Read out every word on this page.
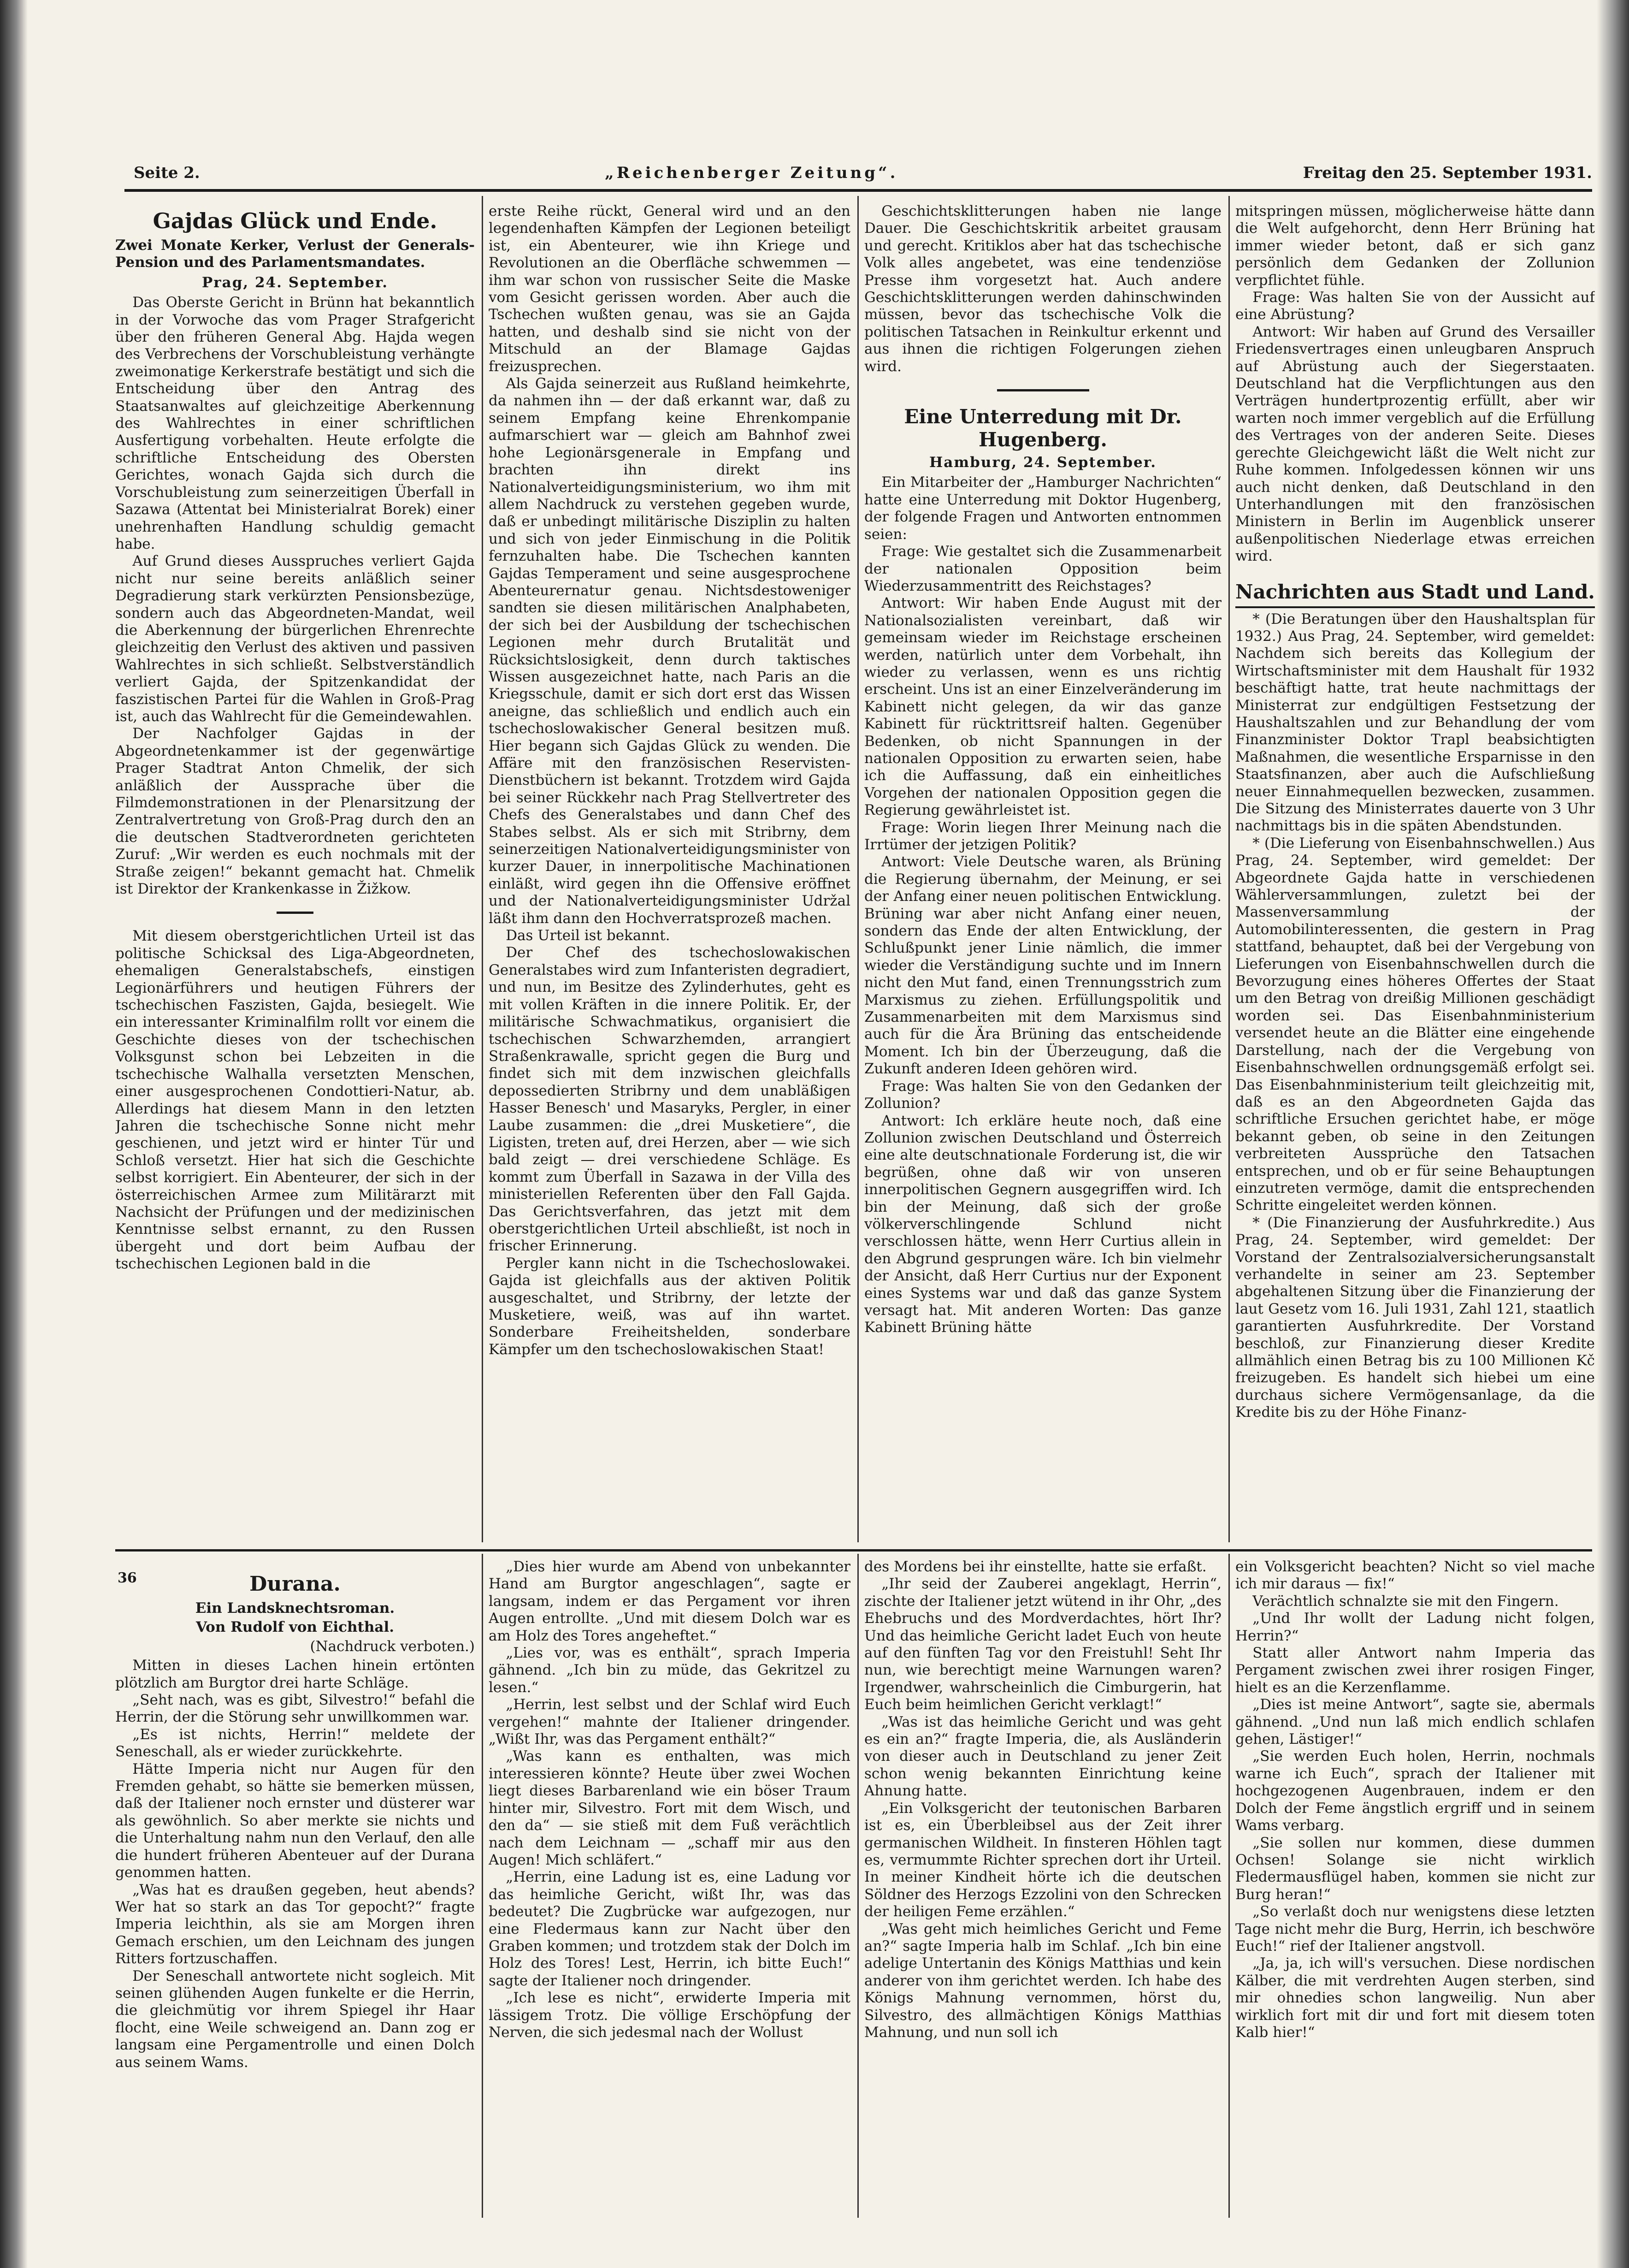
Seite 2.	„Reichenberger Zeitung“.	Freitag den 25. September 1931.
Gajdas Glück und Ende.

Zwei Monate Kerker, Verlust der Generals-Pension und des Parlamentsmandates.

Prag, 24. September.

Das Oberste Gericht in Brünn hat bekanntlich in der Vorwoche das vom Prager Strafgericht über den früheren General Abg. Hajda wegen des Verbrechens der Vorschubleistung verhängte zweimonatige Kerkerstrafe bestätigt und sich die Entscheidung über den Antrag des Staatsanwaltes auf gleichzeitige Aberkennung des Wahlrechtes in einer schriftlichen Ausfertigung vorbehalten. Heute erfolgte die schriftliche Entscheidung des Obersten Gerichtes, wonach Gajda sich durch die Vorschubleistung zum seinerzeitigen Überfall in Sazawa (Attentat bei Ministerialrat Borek) einer unehrenhaften Handlung schuldig gemacht habe.

Auf Grund dieses Ausspruches verliert Gajda nicht nur seine bereits anläßlich seiner Degradierung stark verkürzten Pensionsbezüge, sondern auch das Abgeordneten-Mandat, weil die Aberkennung der bürgerlichen Ehrenrechte gleichzeitig den Verlust des aktiven und passiven Wahlrechtes in sich schließt. Selbstverständlich verliert Gajda, der Spitzenkandidat der faszistischen Partei für die Wahlen in Groß-Prag ist, auch das Wahlrecht für die Gemeindewahlen.

Der Nachfolger Gajdas in der Abgeordnetenkammer ist der gegenwärtige Prager Stadtrat Anton Chmelik, der sich anläßlich der Aussprache über die Filmdemonstrationen in der Plenarsitzung der Zentralvertretung von Groß-Prag durch den an die deutschen Stadtverordneten gerichteten Zuruf: „Wir werden es euch nochmals mit der Straße zeigen!“ bekannt gemacht hat. Chmelik ist Direktor der Krankenkasse in Žižkow.

Mit diesem oberstgerichtlichen Urteil ist das politische Schicksal des Liga-Abgeordneten, ehemaligen Generalstabschefs, einstigen Legionärführers und heutigen Führers der tschechischen Faszisten, Gajda, besiegelt. Wie ein interessanter Kriminalfilm rollt vor einem die Geschichte dieses von der tschechischen Volksgunst schon bei Lebzeiten in die tschechische Walhalla versetzten Menschen, einer ausgesprochenen Condottieri-Natur, ab. Allerdings hat diesem Mann in den letzten Jahren die tschechische Sonne nicht mehr geschienen, und jetzt wird er hinter Tür und Schloß versetzt. Hier hat sich die Geschichte selbst korrigiert. Ein Abenteurer, der sich in der österreichischen Armee zum Militärarzt mit Nachsicht der Prüfungen und der medizinischen Kenntnisse selbst ernannt, zu den Russen übergeht und dort beim Aufbau der tschechischen Legionen bald in die

erste Reihe rückt, General wird und an den legendenhaften Kämpfen der Legionen beteiligt ist, ein Abenteurer, wie ihn Kriege und Revolutionen an die Oberfläche schwemmen — ihm war schon von russischer Seite die Maske vom Gesicht gerissen worden. Aber auch die Tschechen wußten genau, was sie an Gajda hatten, und deshalb sind sie nicht von der Mitschuld an der Blamage Gajdas freizusprechen.

Als Gajda seinerzeit aus Rußland heimkehrte, da nahmen ihn — der daß erkannt war, daß zu seinem Empfang keine Ehrenkompanie aufmarschiert war — gleich am Bahnhof zwei hohe Legionärsgenerale in Empfang und brachten ihn direkt ins Nationalverteidigungsministerium, wo ihm mit allem Nachdruck zu verstehen gegeben wurde, daß er unbedingt militärische Disziplin zu halten und sich von jeder Einmischung in die Politik fernzuhalten habe. Die Tschechen kannten Gajdas Temperament und seine ausgesprochene Abenteurernatur genau. Nichtsdestoweniger sandten sie diesen militärischen Analphabeten, der sich bei der Ausbildung der tschechischen Legionen mehr durch Brutalität und Rücksichtslosigkeit, denn durch taktisches Wissen ausgezeichnet hatte, nach Paris an die Kriegsschule, damit er sich dort erst das Wissen aneigne, das schließlich und endlich auch ein tschechoslowakischer General besitzen muß. Hier begann sich Gajdas Glück zu wenden. Die Affäre mit den französischen Reservisten-Dienstbüchern ist bekannt. Trotzdem wird Gajda bei seiner Rückkehr nach Prag Stellvertreter des Chefs des Generalstabes und dann Chef des Stabes selbst. Als er sich mit Stribrny, dem seinerzeitigen Nationalverteidigungsminister von kurzer Dauer, in innerpolitische Machinationen einläßt, wird gegen ihn die Offensive eröffnet und der Nationalverteidigungsminister Udržal läßt ihm dann den Hochverratsprozeß machen.

Das Urteil ist bekannt.

Der Chef des tschechoslowakischen Generalstabes wird zum Infanteristen degradiert, und nun, im Besitze des Zylinderhutes, geht es mit vollen Kräften in die innere Politik. Er, der militärische Schwachmatikus, organisiert die tschechischen Schwarzhemden, arrangiert Straßenkrawalle, spricht gegen die Burg und findet sich mit dem inzwischen gleichfalls depossedierten Stribrny und dem unabläßigen Hasser Benesch' und Masaryks, Pergler, in einer Laube zusammen: die „drei Musketiere“, die Ligisten, treten auf, drei Herzen, aber — wie sich bald zeigt — drei verschiedene Schläge. Es kommt zum Überfall in Sazawa in der Villa des ministeriellen Referenten über den Fall Gajda. Das Gerichtsverfahren, das jetzt mit dem oberstgerichtlichen Urteil abschließt, ist noch in frischer Erinnerung.

Pergler kann nicht in die Tschechoslowakei. Gajda ist gleichfalls aus der aktiven Politik ausgeschaltet, und Stribrny, der letzte der Musketiere, weiß, was auf ihn wartet. Sonderbare Freiheitshelden, sonderbare Kämpfer um den tschechoslowakischen Staat!

Geschichtsklitterungen haben nie lange Dauer. Die Geschichtskritik arbeitet grausam und gerecht. Kritiklos aber hat das tschechische Volk alles angebetet, was eine tendenziöse Presse ihm vorgesetzt hat. Auch andere Geschichtsklitterungen werden dahinschwinden müssen, bevor das tschechische Volk die politischen Tatsachen in Reinkultur erkennt und aus ihnen die richtigen Folgerungen ziehen wird.

Eine Unterredung mit Dr. Hugenberg.

Hamburg, 24. September.

Ein Mitarbeiter der „Hamburger Nachrichten“ hatte eine Unterredung mit Doktor Hugenberg, der folgende Fragen und Antworten entnommen seien:

Frage: Wie gestaltet sich die Zusammenarbeit der nationalen Opposition beim Wiederzusammentritt des Reichstages?

Antwort: Wir haben Ende August mit der Nationalsozialisten vereinbart, daß wir gemeinsam wieder im Reichstage erscheinen werden, natürlich unter dem Vorbehalt, ihn wieder zu verlassen, wenn es uns richtig erscheint. Uns ist an einer Einzelveränderung im Kabinett nicht gelegen, da wir das ganze Kabinett für rücktrittsreif halten. Gegenüber Bedenken, ob nicht Spannungen in der nationalen Opposition zu erwarten seien, habe ich die Auffassung, daß ein einheitliches Vorgehen der nationalen Opposition gegen die Regierung gewährleistet ist.

Frage: Worin liegen Ihrer Meinung nach die Irrtümer der jetzigen Politik?

Antwort: Viele Deutsche waren, als Brüning die Regierung übernahm, der Meinung, er sei der Anfang einer neuen politischen Entwicklung. Brüning war aber nicht Anfang einer neuen, sondern das Ende der alten Entwicklung, der Schlußpunkt jener Linie nämlich, die immer wieder die Verständigung suchte und im Innern nicht den Mut fand, einen Trennungsstrich zum Marxismus zu ziehen. Erfüllungspolitik und Zusammenarbeiten mit dem Marxismus sind auch für die Ära Brüning das entscheidende Moment. Ich bin der Überzeugung, daß die Zukunft anderen Ideen gehören wird.

Frage: Was halten Sie von den Gedanken der Zollunion?

Antwort: Ich erkläre heute noch, daß eine Zollunion zwischen Deutschland und Österreich eine alte deutschnationale Forderung ist, die wir begrüßen, ohne daß wir von unseren innerpolitischen Gegnern ausgegriffen wird. Ich bin der Meinung, daß sich der große völkerverschlingende Schlund nicht verschlossen hätte, wenn Herr Curtius allein in den Abgrund gesprungen wäre. Ich bin vielmehr der Ansicht, daß Herr Curtius nur der Exponent eines Systems war und daß das ganze System versagt hat. Mit anderen Worten: Das ganze Kabinett Brüning hätte

mitspringen müssen, möglicherweise hätte dann die Welt aufgehorcht, denn Herr Brüning hat immer wieder betont, daß er sich ganz persönlich dem Gedanken der Zollunion verpflichtet fühle.

Frage: Was halten Sie von der Aussicht auf eine Abrüstung?

Antwort: Wir haben auf Grund des Versailler Friedensvertrages einen unleugbaren Anspruch auf Abrüstung auch der Siegerstaaten. Deutschland hat die Verpflichtungen aus den Verträgen hundertprozentig erfüllt, aber wir warten noch immer vergeblich auf die Erfüllung des Vertrages von der anderen Seite. Dieses gerechte Gleichgewicht läßt die Welt nicht zur Ruhe kommen. Infolgedessen können wir uns auch nicht denken, daß Deutschland in den Unterhandlungen mit den französischen Ministern in Berlin im Augenblick unserer außenpolitischen Niederlage etwas erreichen wird.

Nachrichten aus Stadt und Land.

* (Die Beratungen über den Haushaltsplan für 1932.) Aus Prag, 24. September, wird gemeldet: Nachdem sich bereits das Kollegium der Wirtschaftsminister mit dem Haushalt für 1932 beschäftigt hatte, trat heute nachmittags der Ministerrat zur endgültigen Festsetzung der Haushaltszahlen und zur Behandlung der vom Finanzminister Doktor Trapl beabsichtigten Maßnahmen, die wesentliche Ersparnisse in den Staatsfinanzen, aber auch die Aufschließung neuer Einnahmequellen bezwecken, zusammen. Die Sitzung des Ministerrates dauerte von 3 Uhr nachmittags bis in die späten Abendstunden.

* (Die Lieferung von Eisenbahnschwellen.) Aus Prag, 24. September, wird gemeldet: Der Abgeordnete Gajda hatte in verschiedenen Wählerversammlungen, zuletzt bei der Massenversammlung der Automobilinteressenten, die gestern in Prag stattfand, behauptet, daß bei der Vergebung von Lieferungen von Eisenbahnschwellen durch die Bevorzugung eines höheres Offertes der Staat um den Betrag von dreißig Millionen geschädigt worden sei. Das Eisenbahnministerium versendet heute an die Blätter eine eingehende Darstellung, nach der die Vergebung von Eisenbahnschwellen ordnungsgemäß erfolgt sei. Das Eisenbahnministerium teilt gleichzeitig mit, daß es an den Abgeordneten Gajda das schriftliche Ersuchen gerichtet habe, er möge bekannt geben, ob seine in den Zeitungen verbreiteten Aussprüche den Tatsachen entsprechen, und ob er für seine Behauptungen einzutreten vermöge, damit die entsprechenden Schritte eingeleitet werden können.

* (Die Finanzierung der Ausfuhrkredite.) Aus Prag, 24. September, wird gemeldet: Der Vorstand der Zentralsozialversicherungsanstalt verhandelte in seiner am 23. September abgehaltenen Sitzung über die Finanzierung der laut Gesetz vom 16. Juli 1931, Zahl 121, staatlich garantierten Ausfuhrkredite. Der Vorstand beschloß, zur Finanzierung dieser Kredite allmählich einen Betrag bis zu 100 Millionen Kč freizugeben. Es handelt sich hiebei um eine durchaus sichere Vermögensanlage, da die Kredite bis zu der Höhe Finanz-

36	Durana.

Ein Landsknechtsroman.

Von Rudolf von Eichthal.

(Nachdruck verboten.)

Mitten in dieses Lachen hinein ertönten plötzlich am Burgtor drei harte Schläge.

„Seht nach, was es gibt, Silvestro!“ befahl die Herrin, der die Störung sehr unwillkommen war.

„Es ist nichts, Herrin!“ meldete der Seneschall, als er wieder zurückkehrte.

Hätte Imperia nicht nur Augen für den Fremden gehabt, so hätte sie bemerken müssen, daß der Italiener noch ernster und düsterer war als gewöhnlich. So aber merkte sie nichts und die Unterhaltung nahm nun den Verlauf, den alle die hundert früheren Abenteuer auf der Durana genommen hatten.

„Was hat es draußen gegeben, heut abends? Wer hat so stark an das Tor gepocht?“ fragte Imperia leichthin, als sie am Morgen ihren Gemach erschien, um den Leichnam des jungen Ritters fortzuschaffen.

Der Seneschall antwortete nicht sogleich. Mit seinen glühenden Augen funkelte er die Herrin, die gleichmütig vor ihrem Spiegel ihr Haar flocht, eine Weile schweigend an. Dann zog er langsam eine Pergamentrolle und einen Dolch aus seinem Wams.

„Dies hier wurde am Abend von unbekannter Hand am Burgtor angeschlagen“, sagte er langsam, indem er das Pergament vor ihren Augen entrollte. „Und mit diesem Dolch war es am Holz des Tores angeheftet.“

„Lies vor, was es enthält“, sprach Imperia gähnend. „Ich bin zu müde, das Gekritzel zu lesen.“

„Herrin, lest selbst und der Schlaf wird Euch vergehen!“ mahnte der Italiener dringender. „Wißt Ihr, was das Pergament enthält?“

„Was kann es enthalten, was mich interessieren könnte? Heute über zwei Wochen liegt dieses Barbarenland wie ein böser Traum hinter mir, Silvestro. Fort mit dem Wisch, und den da“ — sie stieß mit dem Fuß verächtlich nach dem Leichnam — „schaff mir aus den Augen! Mich schläfert.“

„Herrin, eine Ladung ist es, eine Ladung vor das heimliche Gericht, wißt Ihr, was das bedeutet? Die Zugbrücke war aufgezogen, nur eine Fledermaus kann zur Nacht über den Graben kommen; und trotzdem stak der Dolch im Holz des Tores! Lest, Herrin, ich bitte Euch!“ sagte der Italiener noch dringender.

„Ich lese es nicht“, erwiderte Imperia mit lässigem Trotz. Die völlige Erschöpfung der Nerven, die sich jedesmal nach der Wollust

des Mordens bei ihr einstellte, hatte sie erfaßt.

„Ihr seid der Zauberei angeklagt, Herrin“, zischte der Italiener jetzt wütend in ihr Ohr, „des Ehebruchs und des Mordverdachtes, hört Ihr? Und das heimliche Gericht ladet Euch von heute auf den fünften Tag vor den Freistuhl! Seht Ihr nun, wie berechtigt meine Warnungen waren? Irgendwer, wahrscheinlich die Cimburgerin, hat Euch beim heimlichen Gericht verklagt!“

„Was ist das heimliche Gericht und was geht es ein an?“ fragte Imperia, die, als Ausländerin von dieser auch in Deutschland zu jener Zeit schon wenig bekannten Einrichtung keine Ahnung hatte.

„Ein Volksgericht der teutonischen Barbaren ist es, ein Überbleibsel aus der Zeit ihrer germanischen Wildheit. In finsteren Höhlen tagt es, vermummte Richter sprechen dort ihr Urteil. In meiner Kindheit hörte ich die deutschen Söldner des Herzogs Ezzolini von den Schrecken der heiligen Feme erzählen.“

„Was geht mich heimliches Gericht und Feme an?“ sagte Imperia halb im Schlaf. „Ich bin eine adelige Untertanin des Königs Matthias und kein anderer von ihm gerichtet werden. Ich habe des Königs Mahnung vernommen, hörst du, Silvestro, des allmächtigen Königs Matthias Mahnung, und nun soll ich

ein Volksgericht beachten? Nicht so viel mache ich mir daraus — fix!“

Verächtlich schnalzte sie mit den Fingern.

„Und Ihr wollt der Ladung nicht folgen, Herrin?“

Statt aller Antwort nahm Imperia das Pergament zwischen zwei ihrer rosigen Finger, hielt es an die Kerzenflamme.

„Dies ist meine Antwort“, sagte sie, abermals gähnend. „Und nun laß mich endlich schlafen gehen, Lästiger!“

„Sie werden Euch holen, Herrin, nochmals warne ich Euch“, sprach der Italiener mit hochgezogenen Augenbrauen, indem er den Dolch der Feme ängstlich ergriff und in seinem Wams verbarg.

„Sie sollen nur kommen, diese dummen Ochsen! Solange sie nicht wirklich Fledermausflügel haben, kommen sie nicht zur Burg heran!“

„So verlaßt doch nur wenigstens diese letzten Tage nicht mehr die Burg, Herrin, ich beschwöre Euch!“ rief der Italiener angstvoll.

„Ja, ja, ich will's versuchen. Diese nordischen Kälber, die mit verdrehten Augen sterben, sind mir ohnedies schon langweilig. Nun aber wirklich fort mit dir und fort mit diesem toten Kalb hier!“
